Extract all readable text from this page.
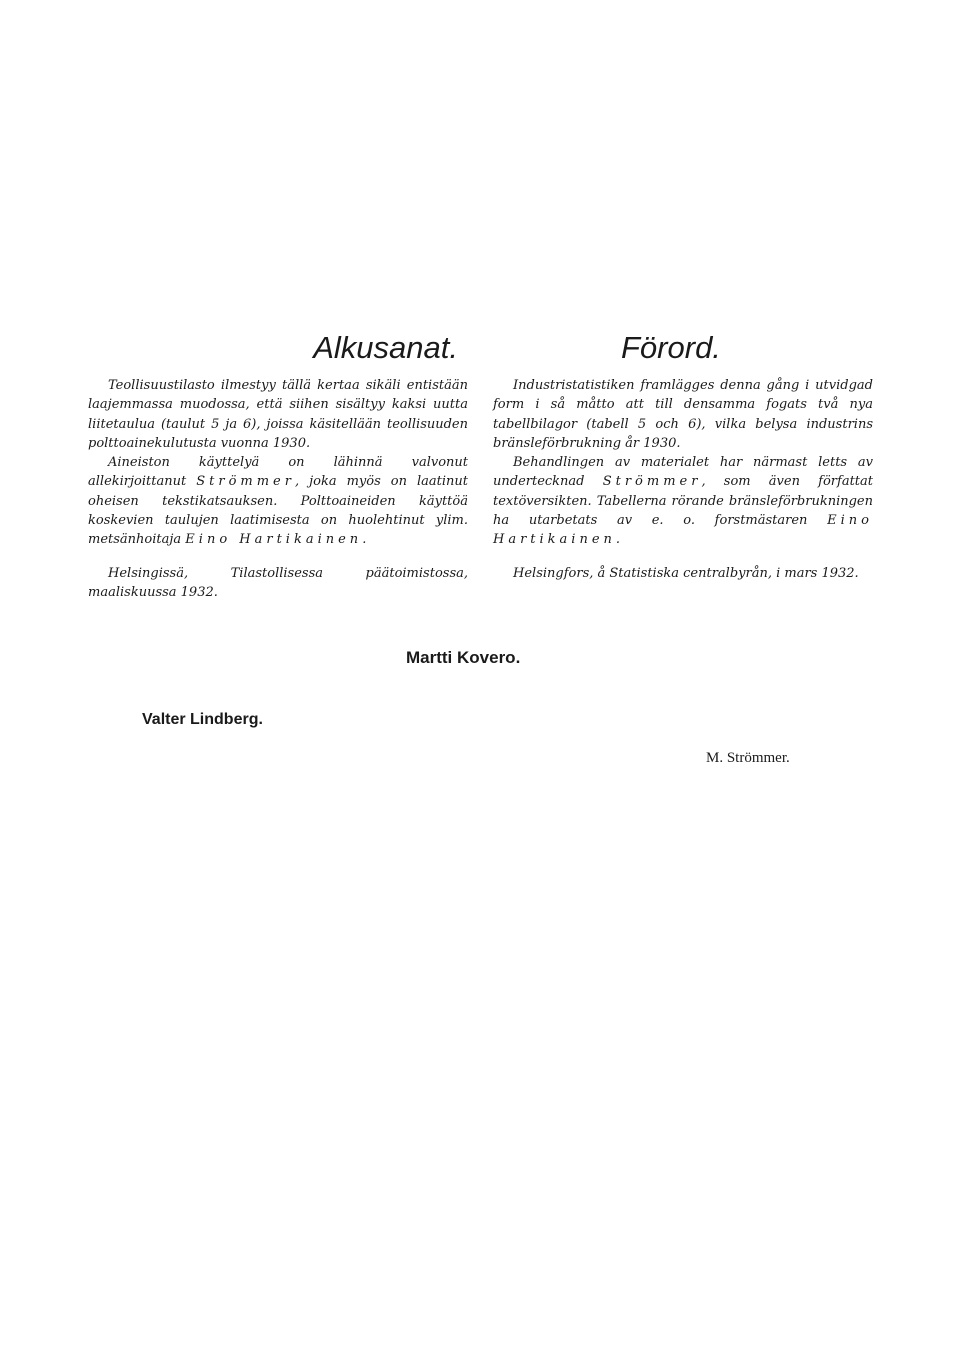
Alkusanat.

Teollisuustilasto ilmestyy tällä kertaa sikäli entistään laajemmassa muodossa, että siihen sisältyy kaksi uutta liitetaulua (taulut 5 ja 6), joissa käsitellään teollisuuden polttoainekulutusta vuonna 1930.

Aineiston käyttelyä on lähinnä valvonut allekirjoittanut Strömmer, joka myös on laatinut oheisen tekstikatsauksen. Polttoaineiden käyttöä koskevien taulujen laatimisesta on huolehtinut ylim. metsänhoitaja Eino Hartikainen.

Helsingissä, Tilastollisessa päätoimistossa, maaliskuussa 1932.

Förord.

Industristatistiken framlägges denna gång i utvidgad form i så måtto att till densamma fogats två nya tabellbilagor (tabell 5 och 6), vilka belysa industrins bränsleförbrukning år 1930.

Behandlingen av materialet har närmast letts av undertecknad Strömmer, som även författat textöversikten. Tabellerna rörande bränsleförbrukningen ha utarbetats av e. o. forstmästaren Eino Hartikainen.

Helsingfors, å Statistiska centralbyrån, i mars 1932.

Martti Kovero.
Valter Lindberg.
M. Strömmer.
